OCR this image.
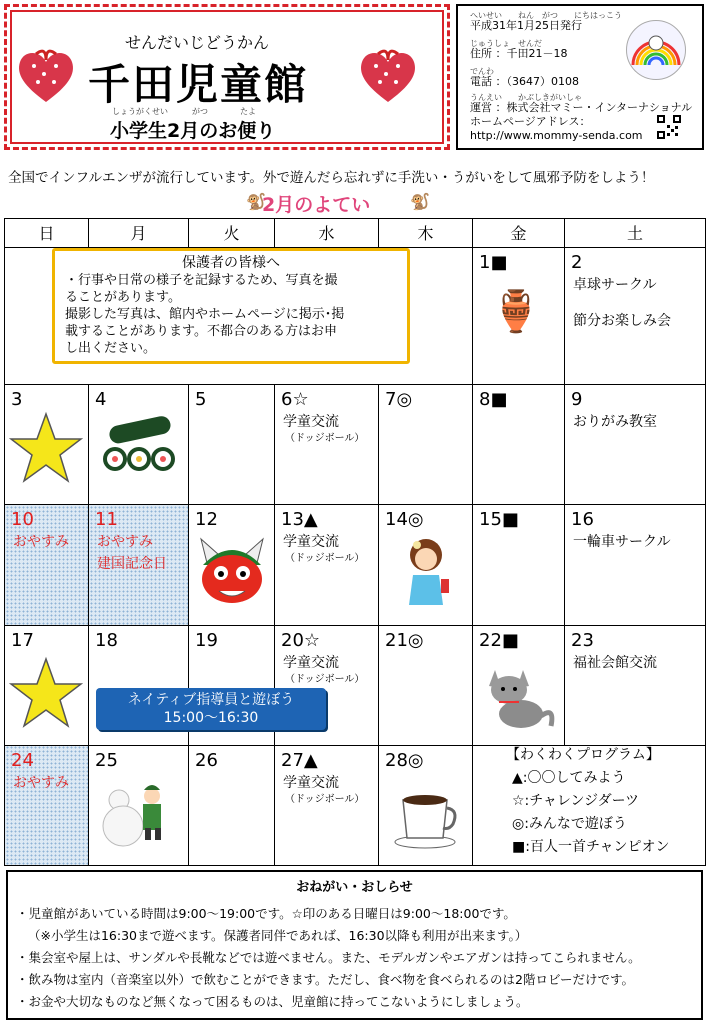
せんだいじどうかん
千田児童館
しょうがくせい　　　がつ　　　　たよ
小学生2月のお便り
へいせい　　ねん　がつ　　にちはっこう
平成31年1月25日発行
じゅうしょ　せんだ
住所 ：千田21－18
でんわ
電話 ：（3647）0108
うんえい　　かぶしきがいしゃ
運営 ：株式会社マミー・インターナショナル
ホームページアドレス：
http://www.mommy-senda.com
全国でインフルエンザが流行しています。外で遊んだら忘れずに手洗い・うがいをして風邪予防をしよう！
🐒
2月のよてい 🐒
日	月	火	水	木	金	土

					1■
🏺	2
卓球サークル
節分お楽しみ会

3	4	5	6☆
学童交流
（ドッジボール）	7◎	8■	9
おりがみ教室

10
おやすみ	11
おやすみ
建国記念日	12	13▲
学童交流
（ドッジボール）	14◎	15■	16
一輪車サークル

17	18	19	20☆
学童交流
（ドッジボール）	21◎	22■	23
福祉会館交流

24
おやすみ	25	26	27▲
学童交流
（ドッジボール）	28◎		

保護者の皆様へ
・行事や日常の様子を記録するため、写真を撮
ることがあります。
撮影した写真は、館内やホームページに掲示･掲
載することがあります。不都合のある方はお申
し出ください。
ネイティブ指導員と遊ぼう
15:00～16:30
【わくわくプログラム】
▲:〇〇してみよう
☆:チャレンジダーツ
◎:みんなで遊ぼう
■:百人一首チャンピオン
おねがい・おしらせ
・児童館があいている時間は9:00～19:00です。☆印のある日曜日は9:00～18:00です。
（※小学生は16:30まで遊べます。保護者同伴であれば、16:30以降も利用が出来ます。）
・集会室や屋上は、サンダルや長靴などでは遊べません。また、モデルガンやエアガンは持ってこられません。
・飲み物は室内（音楽室以外）で飲むことができます。ただし、食べ物を食べられるのは2階ロビーだけです。
・お金や大切なものなど無くなって困るものは、児童館に持ってこないようにしましょう。
